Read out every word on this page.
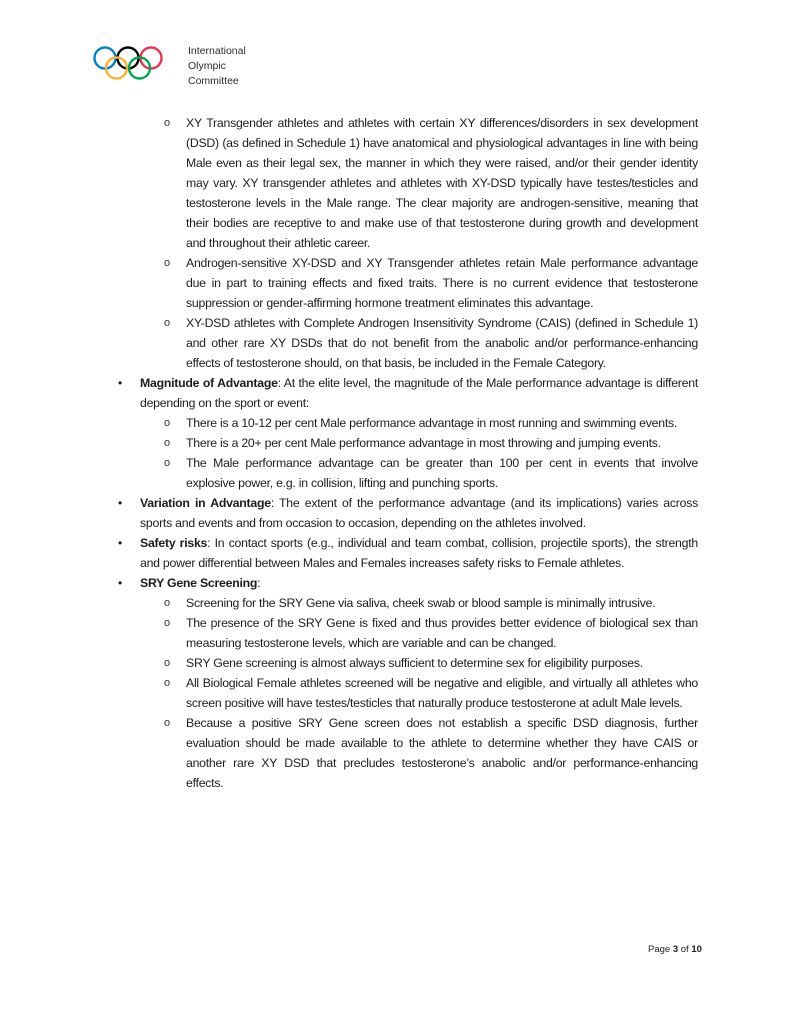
International
Olympic
Committee
o XY Transgender athletes and athletes with certain XY differences/disorders in sex development (DSD) (as defined in Schedule 1) have anatomical and physiological advantages in line with being Male even as their legal sex, the manner in which they were raised, and/or their gender identity may vary. XY transgender athletes and athletes with XY-DSD typically have testes/testicles and testosterone levels in the Male range. The clear majority are androgen-sensitive, meaning that their bodies are receptive to and make use of that testosterone during growth and development and throughout their athletic career.
o Androgen-sensitive XY-DSD and XY Transgender athletes retain Male performance advantage due in part to training effects and fixed traits. There is no current evidence that testosterone suppression or gender-affirming hormone treatment eliminates this advantage.
o XY-DSD athletes with Complete Androgen Insensitivity Syndrome (CAIS) (defined in Schedule 1) and other rare XY DSDs that do not benefit from the anabolic and/or performance-enhancing effects of testosterone should, on that basis, be included in the Female Category.
• Magnitude of Advantage: At the elite level, the magnitude of the Male performance advantage is different depending on the sport or event:
o There is a 10-12 per cent Male performance advantage in most running and swimming events.
o There is a 20+ per cent Male performance advantage in most throwing and jumping events.
o The Male performance advantage can be greater than 100 per cent in events that involve explosive power, e.g. in collision, lifting and punching sports.
• Variation in Advantage: The extent of the performance advantage (and its implications) varies across sports and events and from occasion to occasion, depending on the athletes involved.
• Safety risks: In contact sports (e.g., individual and team combat, collision, projectile sports), the strength and power differential between Males and Females increases safety risks to Female athletes.
• SRY Gene Screening:
o Screening for the SRY Gene via saliva, cheek swab or blood sample is minimally intrusive.
o The presence of the SRY Gene is fixed and thus provides better evidence of biological sex than measuring testosterone levels, which are variable and can be changed.
o SRY Gene screening is almost always sufficient to determine sex for eligibility purposes.
o All Biological Female athletes screened will be negative and eligible, and virtually all athletes who screen positive will have testes/testicles that naturally produce testosterone at adult Male levels.
o Because a positive SRY Gene screen does not establish a specific DSD diagnosis, further evaluation should be made available to the athlete to determine whether they have CAIS or another rare XY DSD that precludes testosterone’s anabolic and/or performance-enhancing effects.
Page 3 of 10
